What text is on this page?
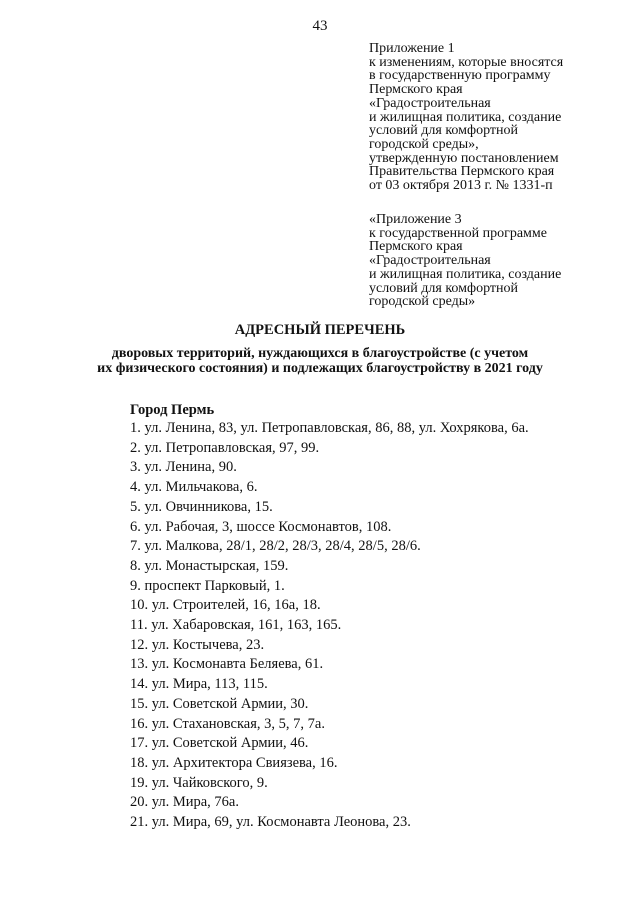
43
Приложение 1
к изменениям, которые вносятся
в государственную программу
Пермского края
«Градостроительная
и жилищная политика, создание
условий для комфортной
городской среды»,
утвержденную постановлением
Правительства Пермского края
от 03 октября 2013 г. № 1331-п
«Приложение 3
к государственной программе
Пермского края
«Градостроительная
и жилищная политика, создание
условий для комфортной
городской среды»
АДРЕСНЫЙ ПЕРЕЧЕНЬ
дворовых территорий, нуждающихся в благоустройстве (с учетом
их физического состояния) и подлежащих благоустройству в 2021 году
Город Пермь
1. ул. Ленина, 83, ул. Петропавловская, 86, 88, ул. Хохрякова, 6а.
2. ул. Петропавловская, 97, 99.
3. ул. Ленина, 90.
4. ул. Мильчакова, 6.
5. ул. Овчинникова, 15.
6. ул. Рабочая, 3, шоссе Космонавтов, 108.
7. ул. Малкова, 28/1, 28/2, 28/3, 28/4, 28/5, 28/6.
8. ул. Монастырская, 159.
9. проспект Парковый, 1.
10. ул. Строителей, 16, 16а, 18.
11. ул. Хабаровская, 161, 163, 165.
12. ул. Костычева, 23.
13. ул. Космонавта Беляева, 61.
14. ул. Мира, 113, 115.
15. ул. Советской Армии, 30.
16. ул. Стахановская, 3, 5, 7, 7а.
17. ул. Советской Армии, 46.
18. ул. Архитектора Свиязева, 16.
19. ул. Чайковского, 9.
20. ул. Мира, 76а.
21. ул. Мира, 69, ул. Космонавта Леонова, 23.
